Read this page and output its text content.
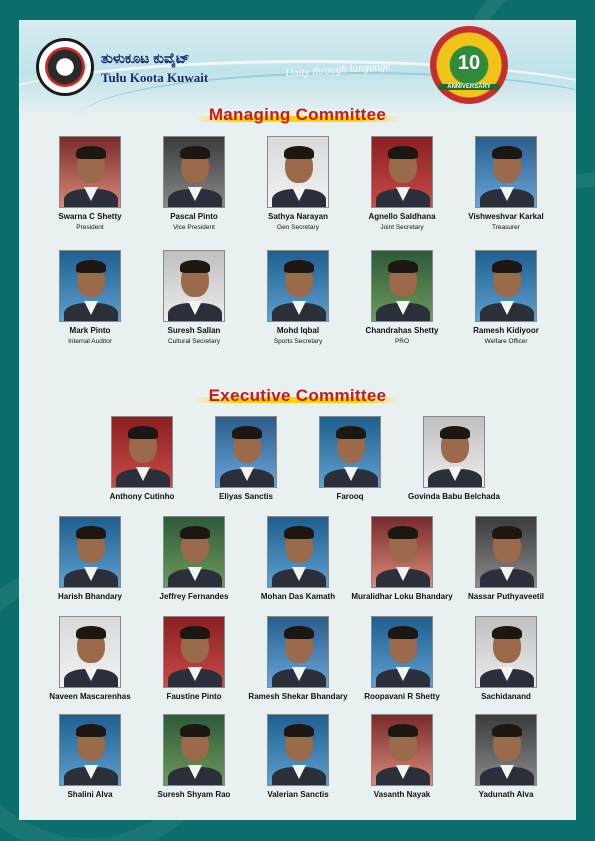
ತುಳುಕೂಟ ಕುವೈಟ್
Tulu Koota Kuwait	Unity through language	10
ANNIVERSARY
Managing Committee
Swarna C Shetty
President
Pascal Pinto
Vice President
Sathya Narayan
Gen Secretary
Agnello Saldhana
Joint Secretary
Vishweshvar Karkal
Treasurer
Mark Pinto
Internal Auditor
Suresh Sallan
Cultural Secretary
Mohd Iqbal
Sports Secretary
Chandrahas Shetty
PRO
Ramesh Kidiyoor
Welfare Officer
Executive Committee
Anthony Cutinho	Eliyas Sanctis	Farooq	Govinda Babu Belchada
Harish Bhandary	Jeffrey Fernandes	Mohan Das Kamath	Muralidhar Loku Bhandary	Nassar Puthyaveetil
Naveen Mascarenhas	Faustine Pinto	Ramesh Shekar Bhandary	Roopavani R Shetty	Sachidanand
Shalini Alva	Suresh Shyam Rao	Valerian Sanctis	Vasanth Nayak	Yadunath Alva
